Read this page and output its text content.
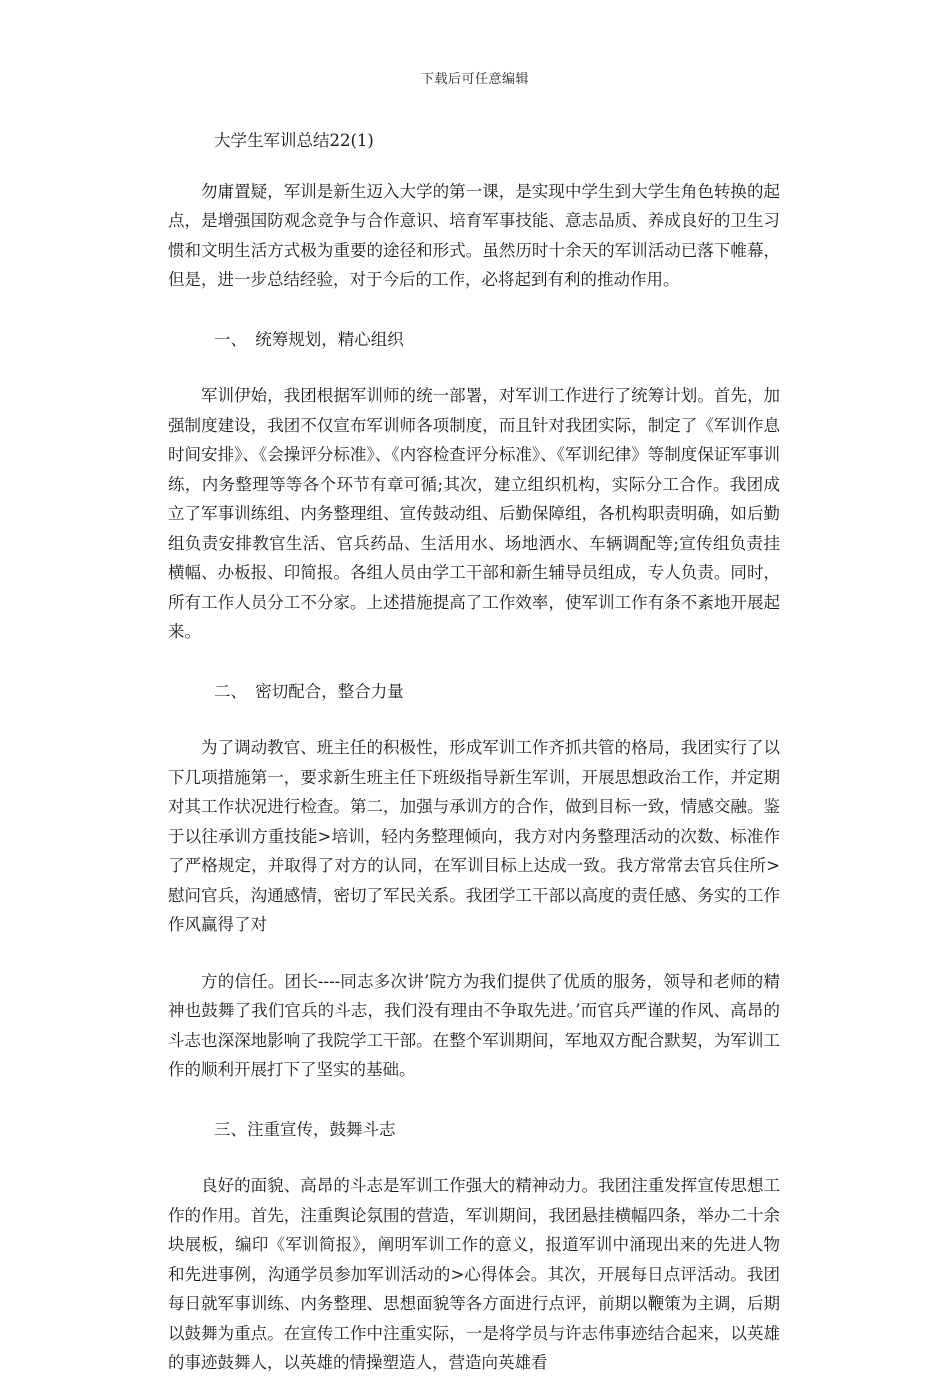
下载后可任意编辑

大学生军训总结22(1)

勿庸置疑，军训是新生迈入大学的第一课，是实现中学生到大学生角色转换的起点，是增强国防观念竞争与合作意识、培育军事技能、意志品质、养成良好的卫生习惯和文明生活方式极为重要的途径和形式。虽然历时十余天的军训活动已落下帷幕，但是，进一步总结经验，对于今后的工作，必将起到有利的推动作用。

一、　统筹规划，精心组织

军训伊始，我团根据军训师的统一部署，对军训工作进行了统筹计划。首先，加强制度建设，我团不仅宣布军训师各项制度，而且针对我团实际，制定了《军训作息时间安排》、《会操评分标准》、《内容检查评分标准》、《军训纪律》等制度保证军事训练，内务整理等等各个环节有章可循;其次，建立组织机构，实际分工合作。我团成立了军事训练组、内务整理组、宣传鼓动组、后勤保障组，各机构职责明确，如后勤组负责安排教官生活、官兵药品、生活用水、场地洒水、车辆调配等;宣传组负责挂横幅、办板报、印简报。各组人员由学工干部和新生辅导员组成，专人负责。同时，所有工作人员分工不分家。上述措施提高了工作效率，使军训工作有条不紊地开展起来。

二、　密切配合，整合力量

为了调动教官、班主任的积极性，形成军训工作齐抓共管的格局，我团实行了以下几项措施第一，要求新生班主任下班级指导新生军训，开展思想政治工作，并定期对其工作状况进行检查。第二，加强与承训方的合作，做到目标一致，情感交融。鉴于以往承训方重技能>培训，轻内务整理倾向，我方对内务整理活动的次数、标准作了严格规定，并取得了对方的认同，在军训目标上达成一致。我方常常去官兵住所>慰问官兵，沟通感情，密切了军民关系。我团学工干部以高度的责任感、务实的工作作风赢得了对

方的信任。团长----同志多次讲’院方为我们提供了优质的服务，领导和老师的精神也鼓舞了我们官兵的斗志，我们没有理由不争取先进。’而官兵严谨的作风、高昂的斗志也深深地影响了我院学工干部。在整个军训期间，军地双方配合默契，为军训工作的顺利开展打下了坚实的基础。

三、注重宣传，鼓舞斗志

良好的面貌、高昂的斗志是军训工作强大的精神动力。我团注重发挥宣传思想工作的作用。首先，注重舆论氛围的营造，军训期间，我团悬挂横幅四条，举办二十余块展板，编印《军训简报》，阐明军训工作的意义，报道军训中涌现出来的先进人物和先进事例，沟通学员参加军训活动的>心得体会。其次，开展每日点评活动。我团每日就军事训练、内务整理、思想面貌等各方面进行点评，前期以鞭策为主调，后期以鼓舞为重点。在宣传工作中注重实际，一是将学员与许志伟事迹结合起来，以英雄的事迹鼓舞人，以英雄的情操塑造人，营造向英雄看
